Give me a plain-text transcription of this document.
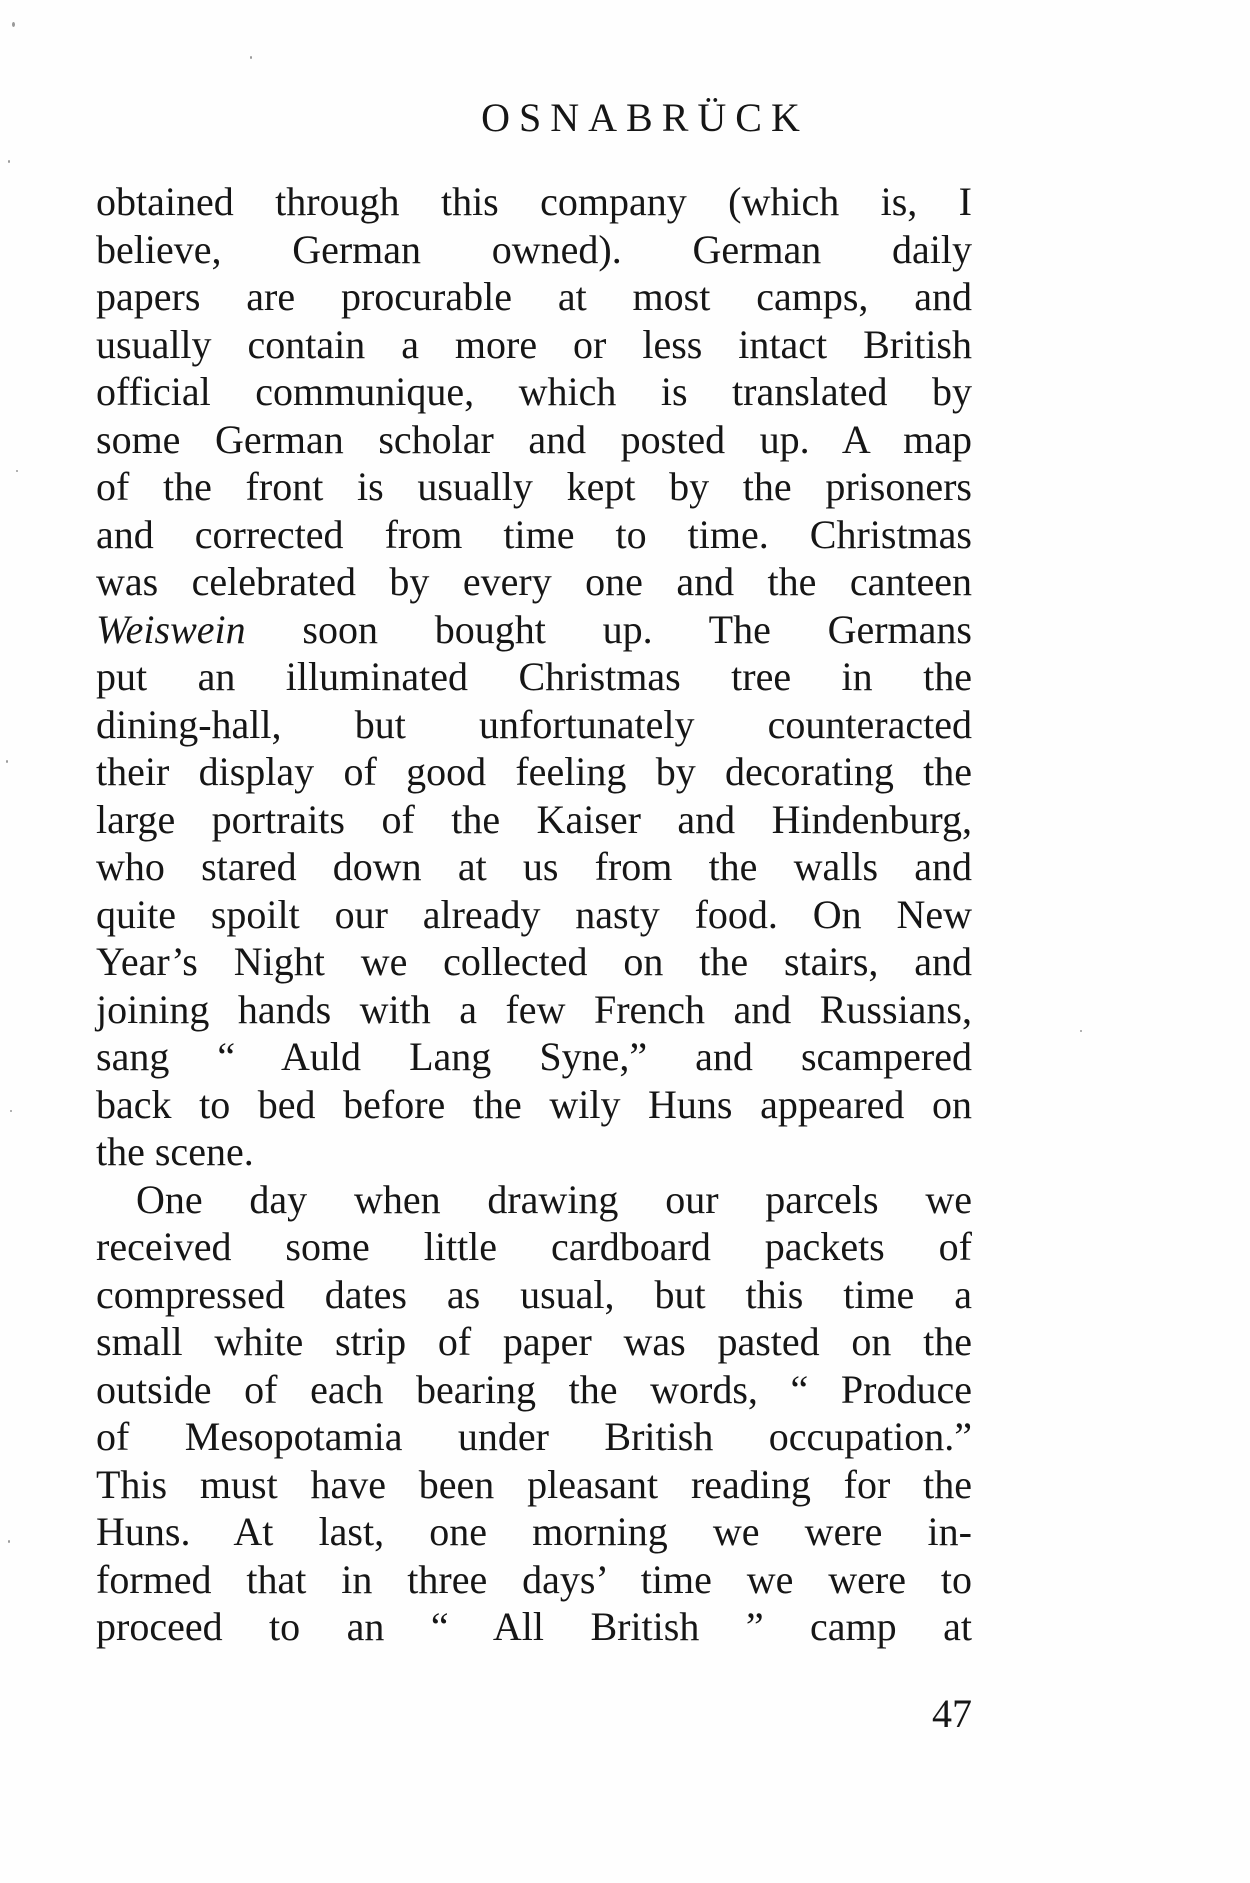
OSNABRÜCK
obtained through this company (which is, I
believe, German owned). German daily
papers are procurable at most camps, and
usually contain a more or less intact British
official communique, which is translated by
some German scholar and posted up. A map
of the front is usually kept by the prisoners
and corrected from time to time. Christmas
was celebrated by every one and the canteen
Weiswein soon bought up. The Germans
put an illuminated Christmas tree in the
dining-hall, but unfortunately counteracted
their display of good feeling by decorating the
large portraits of the Kaiser and Hindenburg,
who stared down at us from the walls and
quite spoilt our already nasty food. On New
Year’s Night we collected on the stairs, and
joining hands with a few French and Russians,
sang “ Auld Lang Syne,” and scampered
back to bed before the wily Huns appeared on
the scene.
One day when drawing our parcels we
received some little cardboard packets of
compressed dates as usual, but this time a
small white strip of paper was pasted on the
outside of each bearing the words, “ Produce
of Mesopotamia under British occupation.”
This must have been pleasant reading for the
Huns. At last, one morning we were in-
formed that in three days’ time we were to
proceed to an “ All British ” camp at
47
